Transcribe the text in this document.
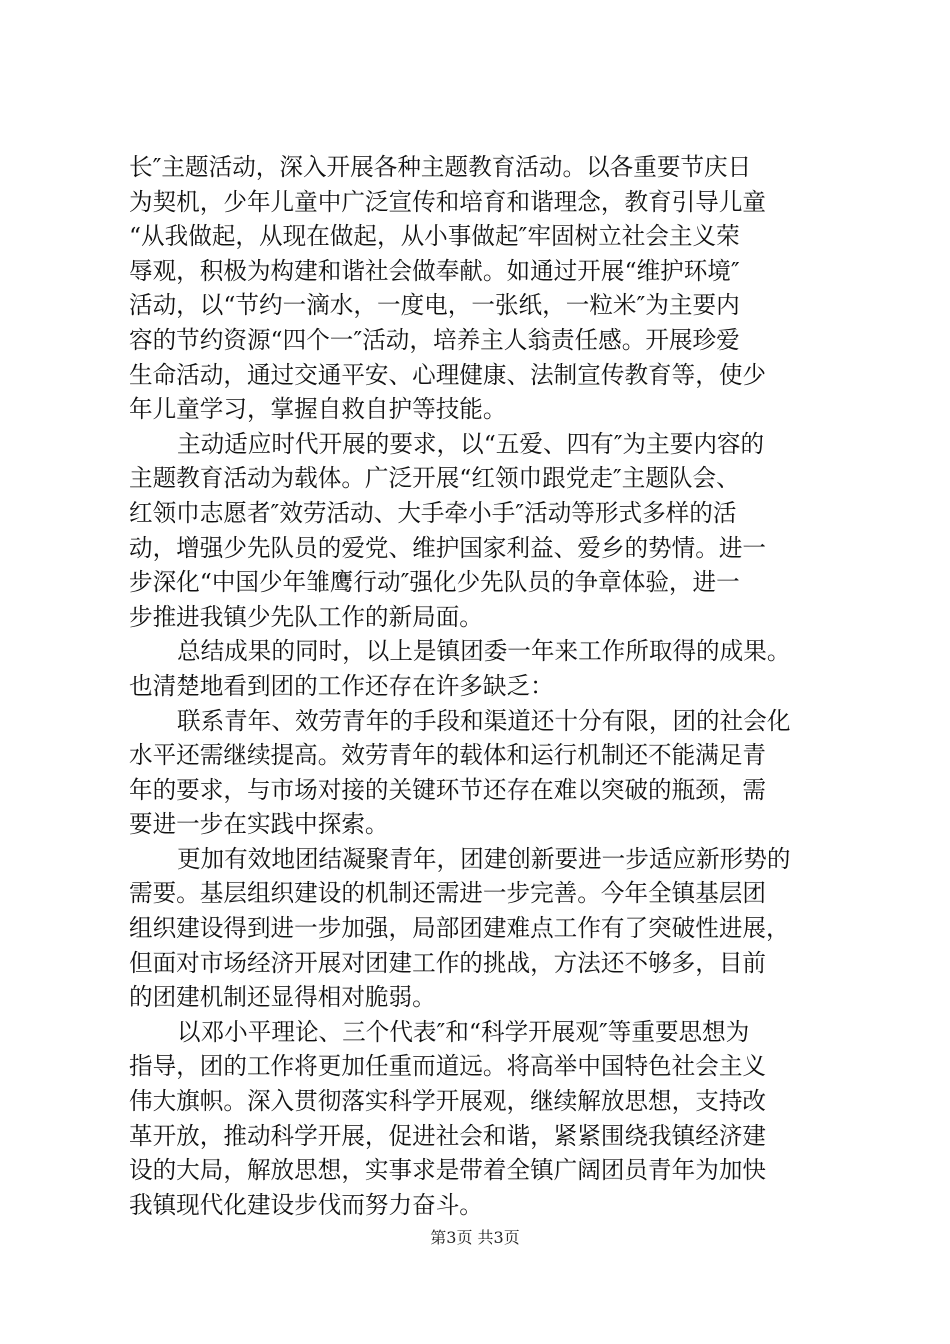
长″主题活动，深入开展各种主题教育活动。以各重要节庆日
为契机，少年儿童中广泛宣传和培育和谐理念，教育引导儿童
“从我做起，从现在做起，从小事做起″牢固树立社会主义荣
辱观，积极为构建和谐社会做奉献。如通过开展“维护环境″
活动，以“节约一滴水，一度电，一张纸，一粒米″为主要内
容的节约资源“四个一″活动，培养主人翁责任感。开展珍爱
生命活动，通过交通平安、心理健康、法制宣传教育等，使少
年儿童学习，掌握自救自护等技能。

主动适应时代开展的要求，以“五爱、四有″为主要内容的
主题教育活动为载体。广泛开展“红领巾跟党走″主题队会、
红领巾志愿者″效劳活动、大手牵小手″活动等形式多样的活
动，增强少先队员的爱党、维护国家利益、爱乡的势情。进一
步深化“中国少年雏鹰行动″强化少先队员的争章体验，进一
步推进我镇少先队工作的新局面。

总结成果的同时，以上是镇团委一年来工作所取得的成果。
也清楚地看到团的工作还存在许多缺乏：

联系青年、效劳青年的手段和渠道还十分有限，团的社会化
水平还需继续提高。效劳青年的载体和运行机制还不能满足青
年的要求，与市场对接的关键环节还存在难以突破的瓶颈，需
要进一步在实践中探索。

更加有效地团结凝聚青年，团建创新要进一步适应新形势的
需要。基层组织建设的机制还需进一步完善。今年全镇基层团
组织建设得到进一步加强，局部团建难点工作有了突破性进展，
但面对市场经济开展对团建工作的挑战，方法还不够多，目前
的团建机制还显得相对脆弱。

以邓小平理论、三个代表″和“科学开展观″等重要思想为
指导，团的工作将更加任重而道远。将高举中国特色社会主义
伟大旗帜。深入贯彻落实科学开展观，继续解放思想，支持改
革开放，推动科学开展，促进社会和谐，紧紧围绕我镇经济建
设的大局，解放思想，实事求是带着全镇广阔团员青年为加快
我镇现代化建设步伐而努力奋斗。

第3页 共3页
